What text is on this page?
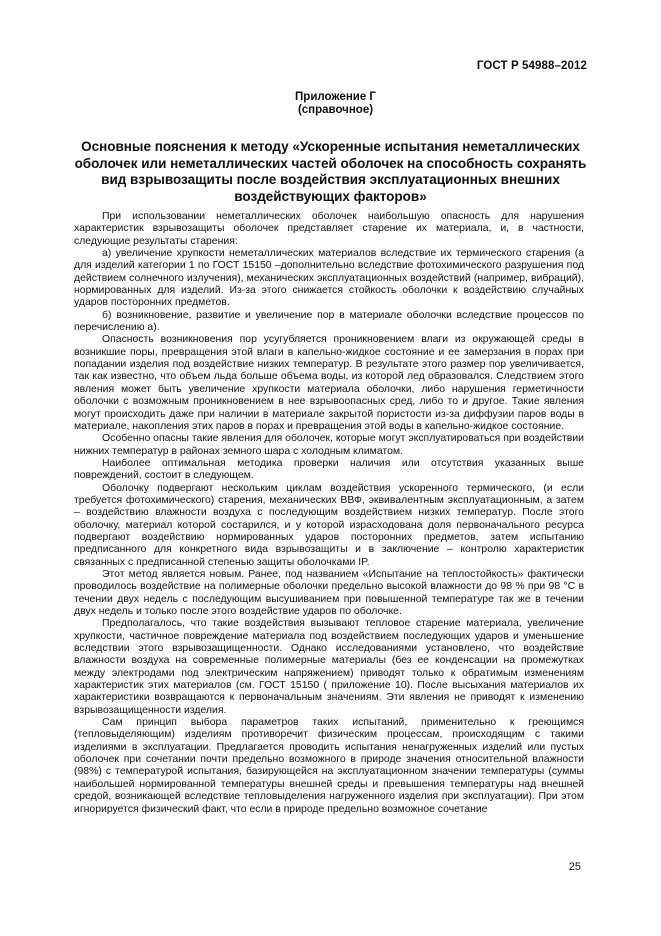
ГОСТ Р 54988–2012
Приложение Г
(справочное)
Основные пояснения к методу «Ускоренные испытания неметаллических оболочек или неметаллических частей оболочек на способность сохранять вид взрывозащиты после воздействия эксплуатационных внешних воздействующих факторов»

При использовании неметаллических оболочек наибольшую опасность для нарушения характеристик взрывозащиты оболочек представляет старение их материала, и, в частности, следующие результаты старения:

а) увеличение хрупкости неметаллических материалов вследствие их термического старения (а для изделий категории 1 по ГОСТ 15150 –дополнительно вследствие фотохимического разрушения под действием солнечного излучения), механических эксплуатационных воздействий (например, вибраций), нормированных для изделий. Из-за этого снижается стойкость оболочки к воздействию случайных ударов посторонних предметов.

б) возникновение, развитие и увеличение пор в материале оболочки вследствие процессов по перечислению а).

Опасность возникновения пор усугубляется проникновением влаги из окружающей среды в возникшие поры, превращения этой влаги в капельно-жидкое состояние и ее замерзания в порах при попадании изделия под воздействие низких температур. В результате этого размер пор увеличивается, так как известно, что объем льда больше объема воды, из которой лед образовался. Следствием этого явления может быть увеличение хрупкости материала оболочки, либо нарушения герметичности оболочки с возможным проникновением в нее взрывоопасных сред, либо то и другое. Такие явления могут происходить даже при наличии в материале закрытой пористости из-за диффузии паров воды в материале, накопления этих паров в порах и превращения этой воды в капельно-жидкое состояние.

Особенно опасны такие явления для оболочек, которые могут эксплуатироваться при воздействии нижних температур в районах земного шара с холодным климатом.

Наиболее оптимальная методика проверки наличия или отсутствия указанных выше повреждений, состоит в следующем.

Оболочку подвергают нескольким циклам воздействия ускоренного термического, (и если требуется фотохимического) старения, механических ВВФ, эквивалентным эксплуатационным, а затем – воздействию влажности воздуха с последующим воздействием низких температур. После этого оболочку, материал которой состарился, и у которой израсходована доля первоначального ресурса подвергают воздействию нормированных ударов посторонних предметов, затем испытанию предписанного для конкретного вида взрывозащиты и в заключение – контролю характеристик связанных с предписанной степенью защиты оболочками IP.

Этот метод является новым. Ранее, под названием «Испытание на теплостойкость» фактически проводилось воздействие на полимерные оболочки предельно высокой влажности до 98 % при 98 °С в течении двух недель с последующим высушиванием при повышенной температуре так же в течении двух недель и только после этого воздействие ударов по оболочке.

Предполагалось, что такие воздействия вызывают тепловое старение материала, увеличение хрупкости, частичное повреждение материала под воздействием последующих ударов и уменьшение вследствии этого взрывозащищенности. Однако исследованиями установлено, что воздействие влажности воздуха на современные полимерные материалы (без ее конденсации на промежутках между электродами под электрическим напряжением) приводят только к обратимым изменениям характеристик этих материалов (см. ГОСТ 15150 ( приложение 10). После высыхания материалов их характеристики возвращаются к первоначальным значениям. Эти явления не приводят к изменению взрывозащищенности изделия.

Сам принцип выбора параметров таких испытаний, применительно к греющимся (тепловыделяющим) изделиям противоречит физическим процессам, происходящим с такими изделиями в эксплуатации. Предлагается проводить испытания ненагруженных изделий или пустых оболочек при сочетании почти предельно возможного в природе значения относительной влажности (98%) с температурой испытания, базирующейся на эксплуатационном значении температуры (суммы наибольшей нормированной температуры внешней среды и превышения температуры над внешней средой, возникающей вследствие тепловыделения нагруженного изделия при эксплуатации). При этом игнорируется физический факт, что если в природе предельно возможное сочетание

25
